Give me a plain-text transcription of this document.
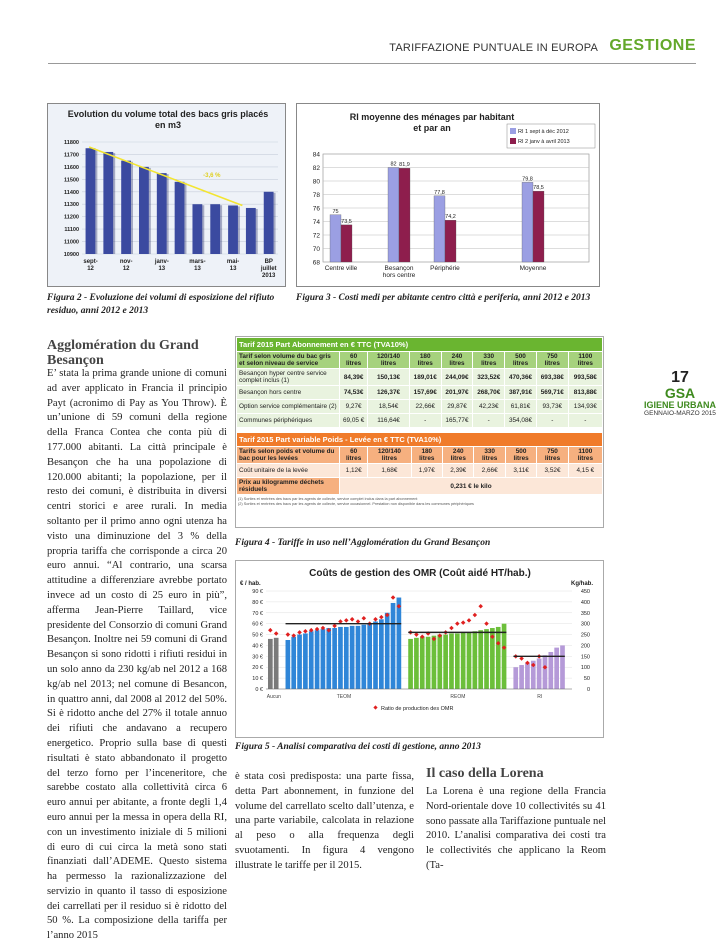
TARIFFAZIONE PUNTUALE IN EUROPA GESTIONE
Evolution du volume total des bacs gris placés
en m3
10900
11000
11100
11200
11300
11400
11500
11600
11700
11800
-3,6 %
sept-
12
nov-
12
janv-
13
mars-
13
mai-
13
BP
juillet
2013
Figura 2 - Evoluzione dei volumi di esposizione del rifiuto residuo, anni 2012 e 2013
RI moyenne des ménages par habitant
et par an
68
70
72
74
76
78
80
82
84
75
82
77,8
79,8
73,5
81,9
74,2
78,5
Centre ville	Besançon
hors centre
Périphérie	Moyenne
RI 1 sept à déc 2012
RI 2 janv à avril 2013
Figura 3 - Costi medi per abitante centro città e periferia, anni 2012 e 2013
Agglomération du Grand Besançon

E’ stata la prima grande unione di comuni ad aver applicato in Francia il principio Payt (acronimo di Pay as You Throw). È un’unione di 59 comuni della regione della Franca Contea che conta più di 177.000 abitanti. La città principale è Besançon che ha una popolazione di 120.000 abitanti; la popolazione, per il resto dei comuni, è distribuita in diversi centri storici e aree rurali. In media soltanto per il primo anno ogni utenza ha visto una diminuzione del 3 % della propria tariffa che corrisponde a circa 20 euro annui. “Al contrario, una scarsa attitudine a differenziare avrebbe portato invece ad un costo di 25 euro in più”, afferma Jean-Pierre Taillard, vice presidente del Consorzio di comuni Grand Besançon. Inoltre nei 59 comuni di Grand Besançon si sono ridotti i rifiuti residui in un solo anno da 230 kg/ab nel 2012 a 168 kg/ab nel 2013; nel comune di Besancon, in quattro anni, dal 2008 al 2012 del 50%. Si è ridotto anche del 27% il totale annuo dei rifiuti che andavano a recupero energetico. Proprio sulla base di questi risultati è stato abbandonato il progetto del terzo forno per l’inceneritore, che sarebbe costato alla collettività circa 6 euro annui per abitante, a fronte degli 1,4 euro annui per la messa in opera della RI, con un investimento iniziale di 5 milioni di euro di cui circa la metà sono stati finanziati dall’ADEME. Questo sistema ha permesso la razionalizzazione del servizio in quanto il tasso di esposizione dei carrellati per il residuo si è ridotto del 50 %. La composizione della tariffa per l’anno 2015

Tarif 2015 Part Abonnement en € TTC (TVA10%)								
Tarif selon volume du bac gris et selon niveau de service	60 litres	120/140 litres	180 litres	240 litres	330 litres	500 litres	750 litres	1100 litres
Besançon hyper centre service complet inclus (1)	84,39€	150,13€	189,01€	244,09€	323,52€	470,36€	693,38€	993,58€
Besançon hors centre	74,53€	126,37€	157,69€	201,97€	268,70€	387,91€	569,71€	813,88€
Option service complémentaire (2)	9,27€	18,54€	22,66€	29,87€	42,23€	61,81€	93,73€	134,93€
Communes périphériques	69,05 €	116,64€	-	165,77€	-	354,08€	-	-
Tarif 2015 Part variable Poids - Levée en € TTC (TVA10%)								
Tarifs selon poids et volume du bac pour les levées	60 litres	120/140 litres	180 litres	240 litres	330 litres	500 litres	750 litres	1100 litres
Coût unitaire de la levée	1,12€	1,68€	1,97€	2,39€	2,66€	3,11€	3,52€	4,15 €
Prix au kilogramme déchets résiduels	0,231 € le kilo							
(1) Sorties et rentrées des bacs par les agents de collecte, service complet inclus dans la part abonnement
(2) Sorties et rentrées des bacs par les agents de collecte, service occasionnel. Prestation non disponible dans les communes périphériques
Figura 4 - Tariffe in uso nell’Agglomération du Grand Besançon
Coûts de gestion des OMR (Coût aidé HT/hab.)
€ / hab.	Kg/hab.
0 €	0
10 €	50
20 €	100
30 €	150
40 €	200
50 €	250
60 €	300
70 €	350
80 €	400
90 €	450
Aucun	TEOM	REOM	RI
Ratio de production des OMR
Figura 5 - Analisi comparativa dei costi di gestione, anno 2013

è stata così predisposta: una parte fissa, detta Part abonnement, in funzione del volume del carrellato scelto dall’utenza, e una parte variabile, calcolata in relazione al peso o alla frequenza degli svuotamenti. In figura 4 vengono illustrate le tariffe per il 2015.

Il caso della Lorena

La Lorena è una regione della Francia Nord-orientale dove 10 collectivités su 41 sono passate alla Tariffazione puntuale nel 2010. L’analisi comparativa dei costi tra le collectivités che applicano la Reom (Ta-

17
GSA
IGIENE URBANA
GENNAIO-MARZO 2015
